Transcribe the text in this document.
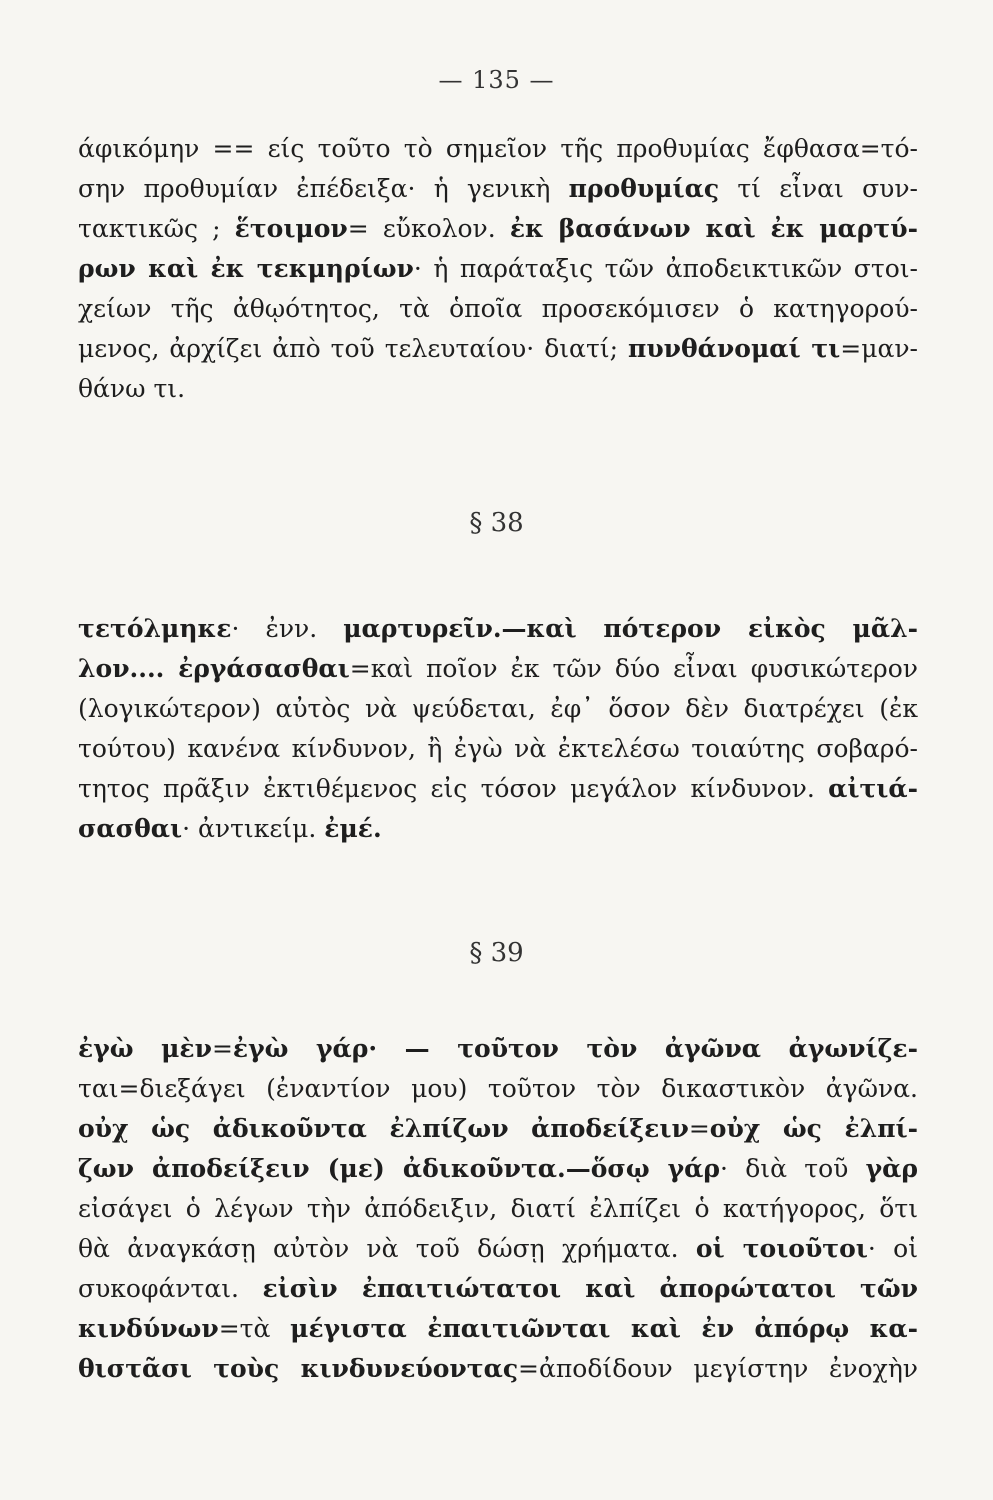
— 135 —
§ 38
§ 39
άφικόμην == είς τοῦτο τὸ σημεῖον τῆς προθυμίας ἔφθασα=τό-
σην προθυμίαν ἐπέδειξα· ἡ γενικὴ προθυμίας τί εἶναι συν-
τακτικῶς ; ἕτοιμον= εὔκολον. ἐκ βασάνων καὶ ἐκ μαρτύ-
ρων καὶ ἐκ τεκμηρίων· ἡ παράταξις τῶν ἀποδεικτικῶν στοι-
χείων τῆς ἀθῳότητος, τὰ ὁποῖα προσεκόμισεν ὁ κατηγορού-
μενος, ἀρχίζει ἀπὸ τοῦ τελευταίου· διατί; πυνθάνομαί τι=μαν-
θάνω τι.
τετόλμηκε· ἐνν. μαρτυρεῖν.—καὶ πότερον εἰκὸς μᾶλ-
λον.... ἐργάσασθαι=καὶ ποῖον ἐκ τῶν δύο εἶναι φυσικώτερον
(λογικώτερον) αὐτὸς νὰ ψεύδεται, ἐφ᾽ ὅσον δὲν διατρέχει (ἐκ
τούτου) κανένα κίνδυνον, ἢ ἐγὼ νὰ ἐκτελέσω τοιαύτης σοβαρό-
τητος πρᾶξιν ἐκτιθέμενος εἰς τόσον μεγάλον κίνδυνον. αἰτιά-
σασθαι· ἀντικείμ. ἐμέ.
ἐγὼ μὲν=ἐγὼ γάρ· — τοῦτον τὸν ἀγῶνα ἀγωνίζε-
ται=διεξάγει (ἐναντίον μου) τοῦτον τὸν δικαστικὸν ἀγῶνα.
οὐχ ὡς ἀδικοῦντα ἐλπίζων ἀποδείξειν=οὐχ ὡς ἐλπί-
ζων ἀποδείξειν (με) ἀδικοῦντα.—ὅσῳ γάρ· διὰ τοῦ γὰρ
εἰσάγει ὁ λέγων τὴν ἀπόδειξιν, διατί ἐλπίζει ὁ κατήγορος, ὅτι
θὰ ἀναγκάσῃ αὐτὸν νὰ τοῦ δώσῃ χρήματα. οἱ τοιοῦτοι· οἱ
συκοφάνται. εἰσὶν ἐπαιτιώτατοι καὶ ἀπορώτατοι τῶν
κινδύνων=τὰ μέγιστα ἐπαιτιῶνται καὶ ἐν ἀπόρῳ κα-
θιστᾶσι τοὺς κινδυνεύοντας=ἀποδίδουν μεγίστην ἐνοχὴν
